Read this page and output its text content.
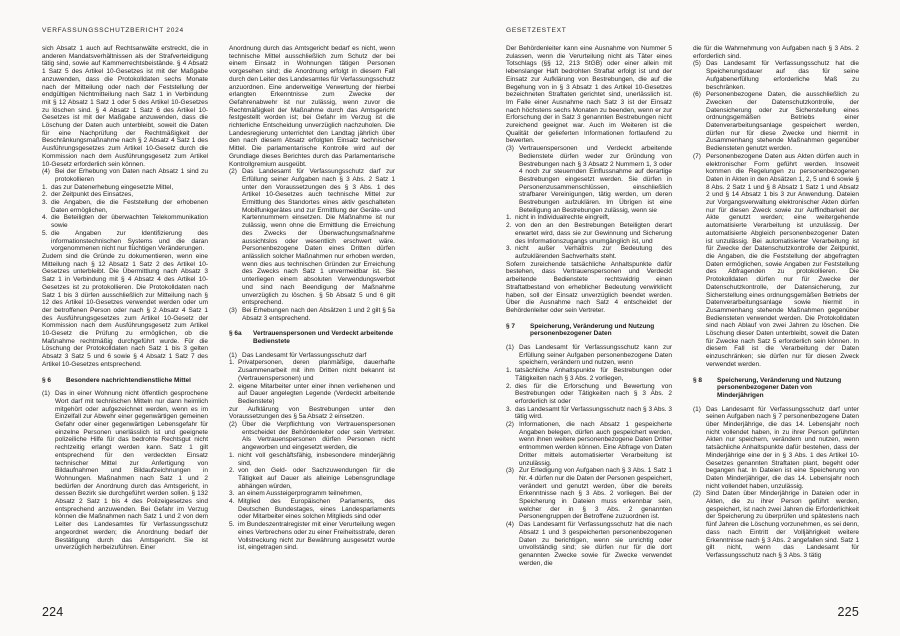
VERFASSUNGSSCHUTZBERICHT 2024	GESETZESTEXT
sich Absatz 1 auch auf Rechtsanwälte erstreckt, die in anderen Mandatsverhältnissen als der Strafverteidigung tätig sind, sowie auf Kammerrechtsbeistände. § 4 Absatz 1 Satz 5 des Artikel 10-Gesetzes ist mit der Maßgabe anzuwenden, dass die Protokolldaten sechs Monate nach der Mitteilung oder nach der Feststellung der endgültigen Nichtmitteilung nach Satz 1 in Verbindung mit § 12 Absatz 1 Satz 1 oder 5 des Artikel 10-Gesetzes zu löschen sind. § 4 Absatz 1 Satz 6 des Artikel 10-Gesetzes ist mit der Maßgabe anzuwenden, dass die Löschung der Daten auch unterbleibt, soweit die Daten für eine Nachprüfung der Rechtmäßigkeit der Beschränkungsmaßnahme nach § 2 Absatz 4 Satz 1 des Ausführungsgesetzes zum Artikel 10-Gesetz durch die Kommission nach dem Ausführungsgesetz zum Artikel 10-Gesetz erforderlich sein können.
(4) Bei der Erhebung von Daten nach Absatz 1 sind zu protokollieren
1. das zur Datenerhebung eingesetzte Mittel,
2. der Zeitpunkt des Einsatzes,
3. die Angaben, die die Feststellung der erhobenen Daten ermöglichen,
4. die Beteiligten der überwachten Telekommunikation sowie
5. die Angaben zur Identifizierung des informationstechnischen Systems und die daran vorgenommenen nicht nur flüchtigen Veränderungen.
Zudem sind die Gründe zu dokumentieren, wenn eine Mitteilung nach § 12 Absatz 1 Satz 2 des Artikel 10-Gesetzes unterbleibt. Die Übermittlung nach Absatz 3 Satz 1 in Verbindung mit § 4 Absatz 4 des Artikel 10-Gesetzes ist zu protokollieren. Die Protokolldaten nach Satz 1 bis 3 dürfen ausschließlich zur Mitteilung nach § 12 des Artikel 10-Gesetzes verwendet werden oder um der betroffenen Person oder nach § 2 Absatz 4 Satz 1 des Ausführungsgesetzes zum Artikel 10-Gesetz der Kommission nach dem Ausführungsgesetz zum Artikel 10-Gesetz die Prüfung zu ermöglichen, ob die Maßnahme rechtmäßig durchgeführt wurde. Für die Löschung der Protokolldaten nach Satz 1 bis 3 gelten Absatz 3 Satz 5 und 6 sowie § 4 Absatz 1 Satz 7 des Artikel 10-Gesetzes entsprechend.
§ 6	Besondere nachrichtendienstliche Mittel
(1) Das in einer Wohnung nicht öffentlich gesprochene Wort darf mit technischen Mitteln nur dann heimlich mitgehört oder aufgezeichnet werden, wenn es im Einzelfall zur Abwehr einer gegenwärtigen gemeinen Gefahr oder einer gegenwärtigen Lebensgefahr für einzelne Personen unerlässlich ist und geeignete polizeiliche Hilfe für das bedrohte Rechtsgut nicht rechtzeitig erlangt werden kann. Satz 1 gilt entsprechend für den verdeckten Einsatz technischer Mittel zur Anfertigung von Bildaufnahmen und Bildaufzeichnungen in Wohnungen. Maßnahmen nach Satz 1 und 2 bedürfen der Anordnung durch das Amtsgericht, in dessen Bezirk sie durchgeführt werden sollen. § 132 Absatz 2 Satz 1 bis 4 des Polizeigesetzes sind entsprechend anzuwenden. Bei Gefahr im Verzug können die Maßnahmen nach Satz 1 und 2 von dem Leiter des Landesamtes für Verfassungsschutz angeordnet werden; die Anordnung bedarf der Bestätigung durch das Amtsgericht. Sie ist unverzüglich herbeizuführen. Einer
Anordnung durch das Amtsgericht bedarf es nicht, wenn technische Mittel ausschließlich zum Schutz der bei einem Einsatz in Wohnungen tätigen Personen vorgesehen sind; die Anordnung erfolgt in diesem Fall durch den Leiter des Landesamtes für Verfassungsschutz anzuordnen. Eine anderweitige Verwertung der hierbei erlangten Erkenntnisse zum Zwecke der Gefahrenabwehr ist nur zulässig, wenn zuvor die Rechtmäßigkeit der Maßnahme durch das Amtsgericht festgestellt worden ist; bei Gefahr im Verzug ist die richterliche Entscheidung unverzüglich nachzuholen. Die Landesregierung unterrichtet den Landtag jährlich über den nach diesem Absatz erfolgten Einsatz technischer Mittel. Die parlamentarische Kontrolle wird auf der Grundlage dieses Berichtes durch das Parlamentarische Kontrollgremium ausgeübt.
(2) Das Landesamt für Verfassungsschutz darf zur Erfüllung seiner Aufgaben nach § 3 Abs. 2 Satz 1 unter den Voraussetzungen des § 3 Abs. 1 des Artikel 10-Gesetzes auch technische Mittel zur Ermittlung des Standortes eines aktiv geschalteten Mobilfunkgerätes und zur Ermittlung der Geräte- und Kartennummern einsetzen. Die Maßnahme ist nur zulässig, wenn ohne die Ermittlung die Erreichung des Zwecks der Überwachungsmaßnahme aussichtslos oder wesentlich erschwert wäre. Personenbezogene Daten eines Dritten dürfen anlässlich solcher Maßnahmen nur erhoben werden, wenn dies aus technischen Gründen zur Erreichung des Zwecks nach Satz 1 unvermeidbar ist. Sie unterliegen einem absoluten Verwendungsverbot und sind nach Beendigung der Maßnahme unverzüglich zu löschen. § 5b Absatz 5 und 6 gilt entsprechend.
(3) Bei Erhebungen nach den Absätzen 1 und 2 gilt § 5a Absatz 3 entsprechend.
§ 6a	Vertrauenspersonen und Verdeckt arbeitende Bedienstete
(1) Das Landesamt für Verfassungsschutz darf
1. Privatpersonen, deren planmäßige, dauerhafte Zusammenarbeit mit ihm Dritten nicht bekannt ist (Vertrauenspersonen) und
2. eigene Mitarbeiter unter einer ihnen verliehenen und auf Dauer angelegten Legende (Verdeckt arbeitende Bedienstete)
zur Aufklärung von Bestrebungen unter den Voraussetzungen des § 5a Absatz 2 einsetzen.
(2) Über die Verpflichtung von Vertrauenspersonen entscheidet der Behördenleiter oder sein Vertreter. Als Vertrauenspersonen dürfen Personen nicht angeworben und eingesetzt werden, die
1. nicht voll geschäftsfähig, insbesondere minderjährig sind,
2. von den Geld- oder Sachzuwendungen für die Tätigkeit auf Dauer als alleinige Lebensgrundlage abhängen würden,
3. an einem Aussteigerprogramm teilnehmen,
4. Mitglied des Europäischen Parlaments, des Deutschen Bundestages, eines Landesparlaments oder Mitarbeiter eines solchen Mitglieds sind oder
5. im Bundeszentralregister mit einer Verurteilung wegen eines Verbrechens oder zu einer Freiheitsstrafe, deren Vollstreckung nicht zur Bewährung ausgesetzt wurde ist, eingetragen sind.
Der Behördenleiter kann eine Ausnahme von Nummer 5 zulassen, wenn die Verurteilung nicht als Täter eines Totschlags (§§ 12, 213 StGB) oder einer allein mit lebenslanger Haft bedrohten Straftat erfolgt ist und der Einsatz zur Aufklärung von Bestrebungen, die auf die Begehung von in § 3 Absatz 1 des Artikel 10-Gesetzes bezeichneten Straftaten gerichtet sind, unerlässlich ist. Im Falle einer Ausnahme nach Satz 3 ist der Einsatz nach höchstens sechs Monaten zu beenden, wenn er zur Erforschung der in Satz 3 genannten Bestrebungen nicht zureichend geeignet war. Auch im Weiteren ist die Qualität der gelieferten Informationen fortlaufend zu bewerten.
(3) Vertrauenspersonen und Verdeckt arbeitende Bedienstete dürfen weder zur Gründung von Bestrebungen nach § 3 Absatz 2 Nummern 1, 3 oder 4 noch zur steuernden Einflussnahme auf derartige Bestrebungen eingesetzt werden. Sie dürfen in Personenzusammenschlüssen, einschließlich strafbarer Vereinigungen, tätig werden, um deren Bestrebungen aufzuklären. Im Übrigen ist eine Beteiligung an Bestrebungen zulässig, wenn sie
1. nicht in Individualrechte eingreift,
2. von den an den Bestrebungen Beteiligten derart erwartet wird, dass sie zur Gewinnung und Sicherung des Informationszugangs unumgänglich ist, und
3. nicht außer Verhältnis zur Bedeutung des aufzuklärenden Sachverhalts steht.
Sofern zureichende tatsächliche Anhaltspunkte dafür bestehen, dass Vertrauenspersonen und Verdeckt arbeitende Bedienstete rechtswidrig einen Straftatbestand von erheblicher Bedeutung verwirklicht haben, soll der Einsatz unverzüglich beendet werden. Über die Ausnahme nach Satz 4 entscheidet der Behördenleiter oder sein Vertreter.
§ 7	Speicherung, Veränderung und Nutzung personenbezogener Daten
(1) Das Landesamt für Verfassungsschutz kann zur Erfüllung seiner Aufgaben personenbezogene Daten speichern, verändern und nutzen, wenn
1. tatsächliche Anhaltspunkte für Bestrebungen oder Tätigkeiten nach § 3 Abs. 2 vorliegen,
2. dies für die Erforschung und Bewertung von Bestrebungen oder Tätigkeiten nach § 3 Abs. 2 erforderlich ist oder
3. das Landesamt für Verfassungsschutz nach § 3 Abs. 3 tätig wird.
(2) Informationen, die nach Absatz 1 gespeicherte Angaben belegen, dürfen auch gespeichert werden, wenn ihnen weitere personenbezogene Daten Dritter entnommen werden können. Eine Abfrage von Daten Dritter mittels automatisierter Verarbeitung ist unzulässig.
(3) Zur Erledigung von Aufgaben nach § 3 Abs. 1 Satz 1 Nr. 4 dürfen nur die Daten der Personen gespeichert, verändert und genutzt werden, über die bereits Erkenntnisse nach § 3 Abs. 2 vorliegen. Bei der Speicherung in Dateien muss erkennbar sein, welcher der in § 3 Abs. 2 genannten Personengruppen der Betroffene zuzuordnen ist.
(4) Das Landesamt für Verfassungsschutz hat die nach Absatz 1 und 3 gespeicherten personenbezogenen Daten zu berichtigen, wenn sie unrichtig oder unvollständig sind; sie dürfen nur für die dort genannten Zwecke sowie für Zwecke verwendet werden, die
die für die Wahrnehmung von Aufgaben nach § 3 Abs. 2 erforderlich sind.
(5) Das Landesamt für Verfassungsschutz hat die Speicherungsdauer auf das für seine Aufgabenerfüllung erforderliche Maß zu beschränken.
(6) Personenbezogene Daten, die ausschließlich zu Zwecken der Datenschutzkontrolle, der Datensicherung oder zur Sicherstellung eines ordnungsgemäßen Betriebs einer Datenverarbeitungsanlage gespeichert werden, dürfen nur für diese Zwecke und hiermit in Zusammenhang stehende Maßnahmen gegenüber Bediensteten genutzt werden.
(7) Personenbezogene Daten aus Akten dürfen auch in elektronischer Form geführt werden. Insoweit kommen die Regelungen zu personenbezogenen Daten in Akten in den Absätzen 1, 2, 5 und 6 sowie § 8 Abs. 2 Satz 1 und § 8 Absatz 1 Satz 1 und Absatz 2 und § 14 Absatz 1 bis 3 zur Anwendung. Dateien zur Vorgangsverwaltung elektronischer Akten dürfen nur für diesen Zweck sowie zur Auffindbarkeit der Akte genutzt werden; eine weitergehende automatisierte Verarbeitung ist unzulässig. Der automatisierte Abgleich personenbezogener Daten ist unzulässig. Bei automatisierter Verarbeitung ist für Zwecke der Datenschutzkontrolle der Zeitpunkt, die Angaben, die die Feststellung der abgefragten Daten ermöglichen, sowie Angaben zur Feststellung des Abfragenden zu protokollieren. Die Protokolldaten dürfen nur für Zwecke der Datenschutzkontrolle, der Datensicherung, zur Sicherstellung eines ordnungsgemäßen Betriebs der Datenverarbeitungsanlage sowie hiermit in Zusammenhang stehende Maßnahmen gegenüber Bediensteten verwendet werden. Die Protokolldaten sind nach Ablauf von zwei Jahren zu löschen. Die Löschung dieser Daten unterbleibt, soweit die Daten für Zwecke nach Satz 5 erforderlich sein können. In diesem Fall ist die Verarbeitung der Daten einzuschränken; sie dürfen nur für diesen Zweck verwendet werden.
§ 8	Speicherung, Veränderung und Nutzung personenbezogener Daten von Minderjährigen
(1) Das Landesamt für Verfassungsschutz darf unter seinen Aufgaben nach § 7 personenbezogene Daten über Minderjährige, die das 14. Lebensjahr noch nicht vollendet haben, in zu ihrer Person geführten Akten nur speichern, verändern und nutzen, wenn tatsächliche Anhaltspunkte dafür bestehen, dass der Minderjährige eine der in § 3 Abs. 1 des Artikel 10-Gesetzes genannten Straftaten plant, begeht oder begangen hat. In Dateien ist eine Speicherung von Daten Minderjähriger, die das 14. Lebensjahr noch nicht vollendet haben, unzulässig.
(2) Sind Daten über Minderjährige in Dateien oder in Akten, die zu ihrer Person geführt werden, gespeichert, ist nach zwei Jahren die Erforderlichkeit der Speicherung zu überprüfen und spätestens nach fünf Jahren die Löschung vorzunehmen, es sei denn, dass nach Eintritt der Volljährigkeit weitere Erkenntnisse nach § 3 Abs. 2 angefallen sind. Satz 1 gilt nicht, wenn das Landesamt für Verfassungsschutz nach § 3 Abs. 3 tätig
224	225
